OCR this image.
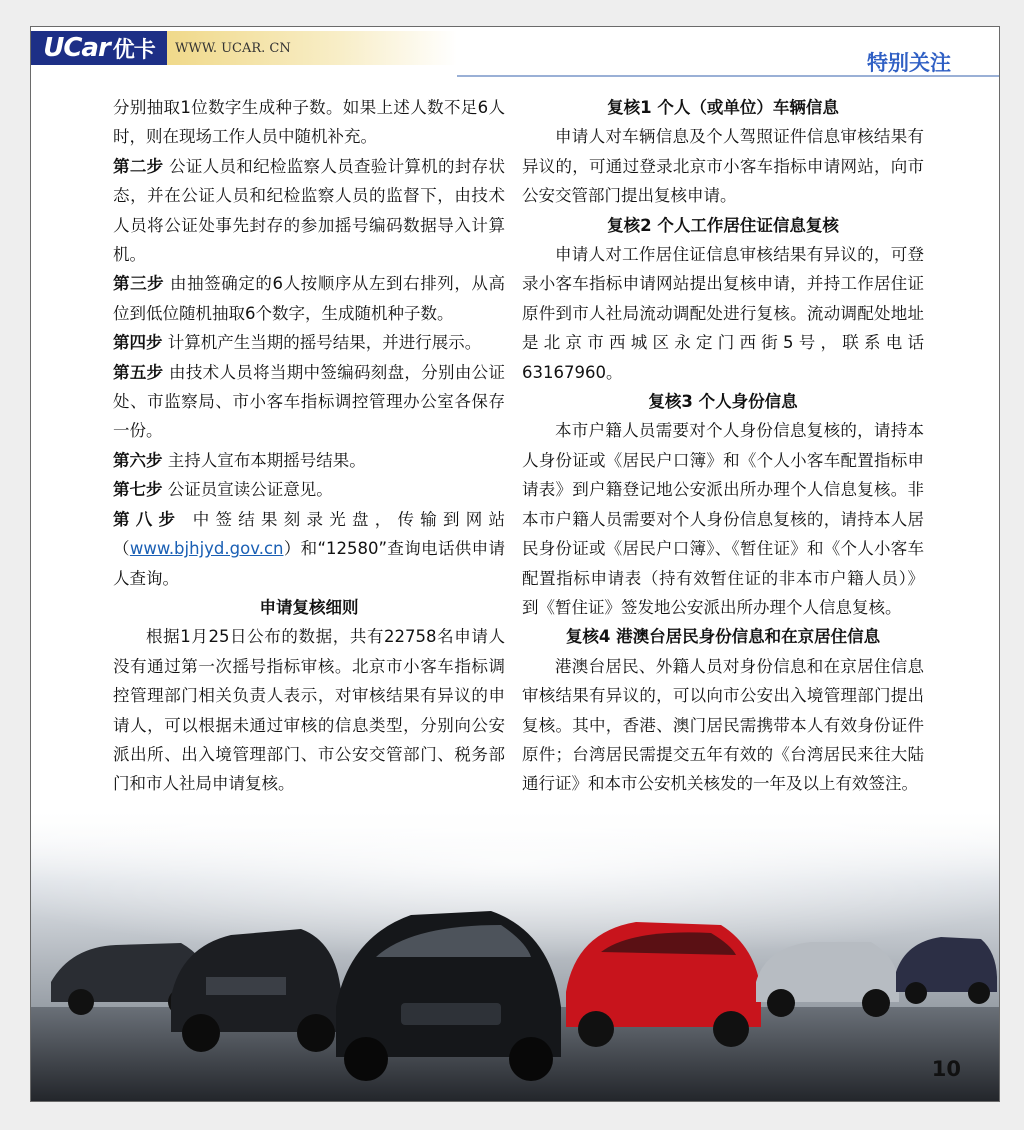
UCar 优卡	WWW. UCAR. CN
特别关注

分别抽取1位数字生成种子数。如果上述人数不足6人时，则在现场工作人员中随机补充。

第二步 公证人员和纪检监察人员查验计算机的封存状态，并在公证人员和纪检监察人员的监督下，由技术人员将公证处事先封存的参加摇号编码数据导入计算机。

第三步 由抽签确定的6人按顺序从左到右排列，从高位到低位随机抽取6个数字，生成随机种子数。

第四步 计算机产生当期的摇号结果，并进行展示。

第五步 由技术人员将当期中签编码刻盘，分别由公证处、市监察局、市小客车指标调控管理办公室各保存一份。

第六步 主持人宣布本期摇号结果。

第七步 公证员宣读公证意见。

第八步 中签结果刻录光盘，传输到网站（www.bjhjyd.gov.cn）和“12580”查询电话供申请人查询。

申请复核细则

根据1月25日公布的数据，共有22758名申请人没有通过第一次摇号指标审核。北京市小客车指标调控管理部门相关负责人表示，对审核结果有异议的申请人，可以根据未通过审核的信息类型，分别向公安派出所、出入境管理部门、市公安交管部门、税务部门和市人社局申请复核。

复核1 个人（或单位）车辆信息

申请人对车辆信息及个人驾照证件信息审核结果有异议的，可通过登录北京市小客车指标申请网站，向市公安交管部门提出复核申请。

复核2 个人工作居住证信息复核

申请人对工作居住证信息审核结果有异议的，可登录小客车指标申请网站提出复核申请，并持工作居住证原件到市人社局流动调配处进行复核。流动调配处地址是北京市西城区永定门西街5号，联系电话63167960。

复核3 个人身份信息

本市户籍人员需要对个人身份信息复核的，请持本人身份证或《居民户口簿》和《个人小客车配置指标申请表》到户籍登记地公安派出所办理个人信息复核。非本市户籍人员需要对个人身份信息复核的，请持本人居民身份证或《居民户口簿》、《暂住证》和《个人小客车配置指标申请表（持有效暂住证的非本市户籍人员）》到《暂住证》签发地公安派出所办理个人信息复核。

复核4 港澳台居民身份信息和在京居住信息

港澳台居民、外籍人员对身份信息和在京居住信息审核结果有异议的，可以向市公安出入境管理部门提出复核。其中，香港、澳门居民需携带本人有效身份证件原件；台湾居民需提交五年有效的《台湾居民来往大陆通行证》和本市公安机关核发的一年及以上有效签注。

10
